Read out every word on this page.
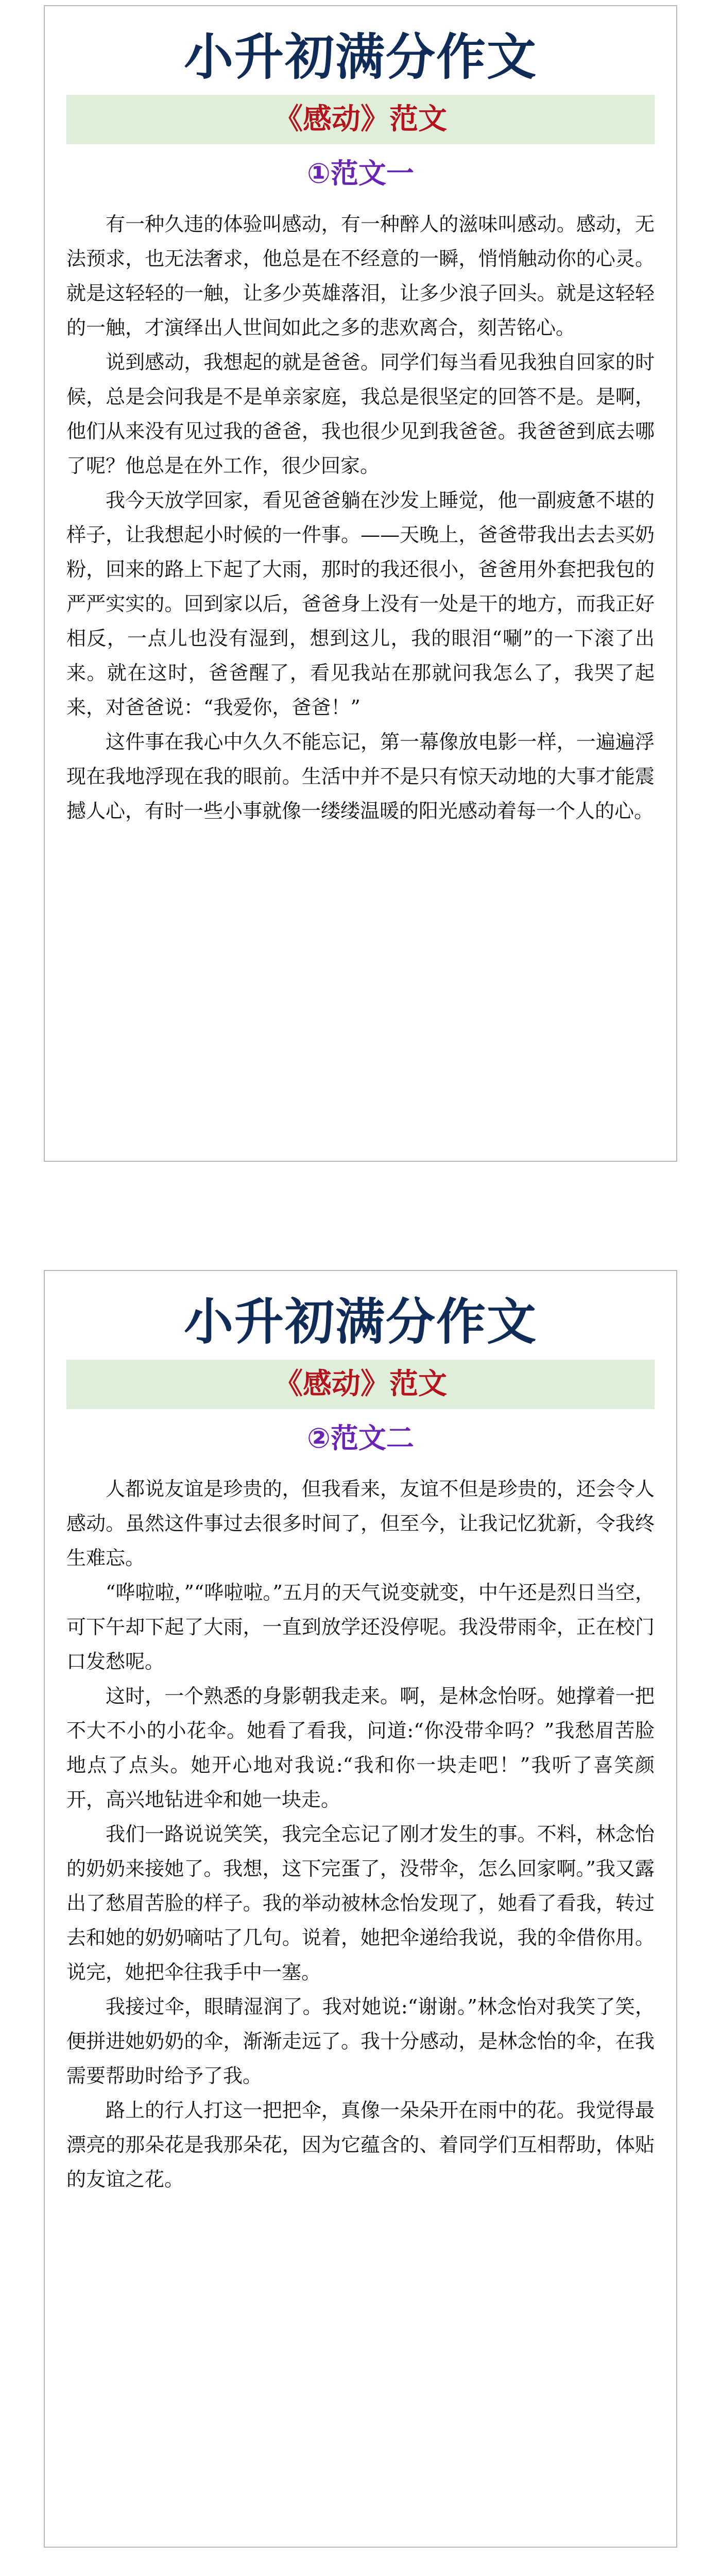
小升初满分作文
《感动》范文
①范文一

有一种久违的体验叫感动，有一种醉人的滋味叫感动。感动，无法预求，也无法奢求，他总是在不经意的一瞬，悄悄触动你的心灵。就是这轻轻的一触，让多少英雄落泪，让多少浪子回头。就是这轻轻的一触，才演绎出人世间如此之多的悲欢离合，刻苦铭心。

说到感动，我想起的就是爸爸。同学们每当看见我独自回家的时候，总是会问我是不是单亲家庭，我总是很坚定的回答不是。是啊，他们从来没有见过我的爸爸，我也很少见到我爸爸。我爸爸到底去哪了呢？他总是在外工作，很少回家。

我今天放学回家，看见爸爸躺在沙发上睡觉，他一副疲惫不堪的样子，让我想起小时候的一件事。——天晚上，爸爸带我出去去买奶粉，回来的路上下起了大雨，那时的我还很小，爸爸用外套把我包的严严实实的。回到家以后，爸爸身上没有一处是干的地方，而我正好相反，一点儿也没有湿到，想到这儿，我的眼泪“唰”的一下滚了出来。就在这时，爸爸醒了，看见我站在那就问我怎么了，我哭了起来，对爸爸说：“我爱你，爸爸！”

这件事在我心中久久不能忘记，第一幕像放电影一样，一遍遍浮现在我地浮现在我的眼前。生活中并不是只有惊天动地的大事才能震撼人心，有时一些小事就像一缕缕温暖的阳光感动着每一个人的心。

小升初满分作文
《感动》范文
②范文二

人都说友谊是珍贵的，但我看来，友谊不但是珍贵的，还会令人感动。虽然这件事过去很多时间了，但至今，让我记忆犹新，令我终生难忘。

“哗啦啦，”“哗啦啦。”五月的天气说变就变，中午还是烈日当空，可下午却下起了大雨，一直到放学还没停呢。我没带雨伞，正在校门口发愁呢。

这时，一个熟悉的身影朝我走来。啊，是林念怡呀。她撑着一把不大不小的小花伞。她看了看我，问道:“你没带伞吗？”我愁眉苦脸地点了点头。她开心地对我说:“我和你一块走吧！”我听了喜笑颜开，高兴地钻进伞和她一块走。

我们一路说说笑笑，我完全忘记了刚才发生的事。不料，林念怡的奶奶来接她了。我想，这下完蛋了，没带伞，怎么回家啊。”我又露出了愁眉苦脸的样子。我的举动被林念怡发现了，她看了看我，转过去和她的奶奶嘀咕了几句。说着，她把伞递给我说，我的伞借你用。说完，她把伞往我手中一塞。

我接过伞，眼睛湿润了。我对她说:“谢谢。”林念怡对我笑了笑，便拼进她奶奶的伞，渐渐走远了。我十分感动，是林念怡的伞，在我需要帮助时给予了我。

路上的行人打这一把把伞，真像一朵朵开在雨中的花。我觉得最漂亮的那朵花是我那朵花，因为它蕴含的、着同学们互相帮助，体贴的友谊之花。
